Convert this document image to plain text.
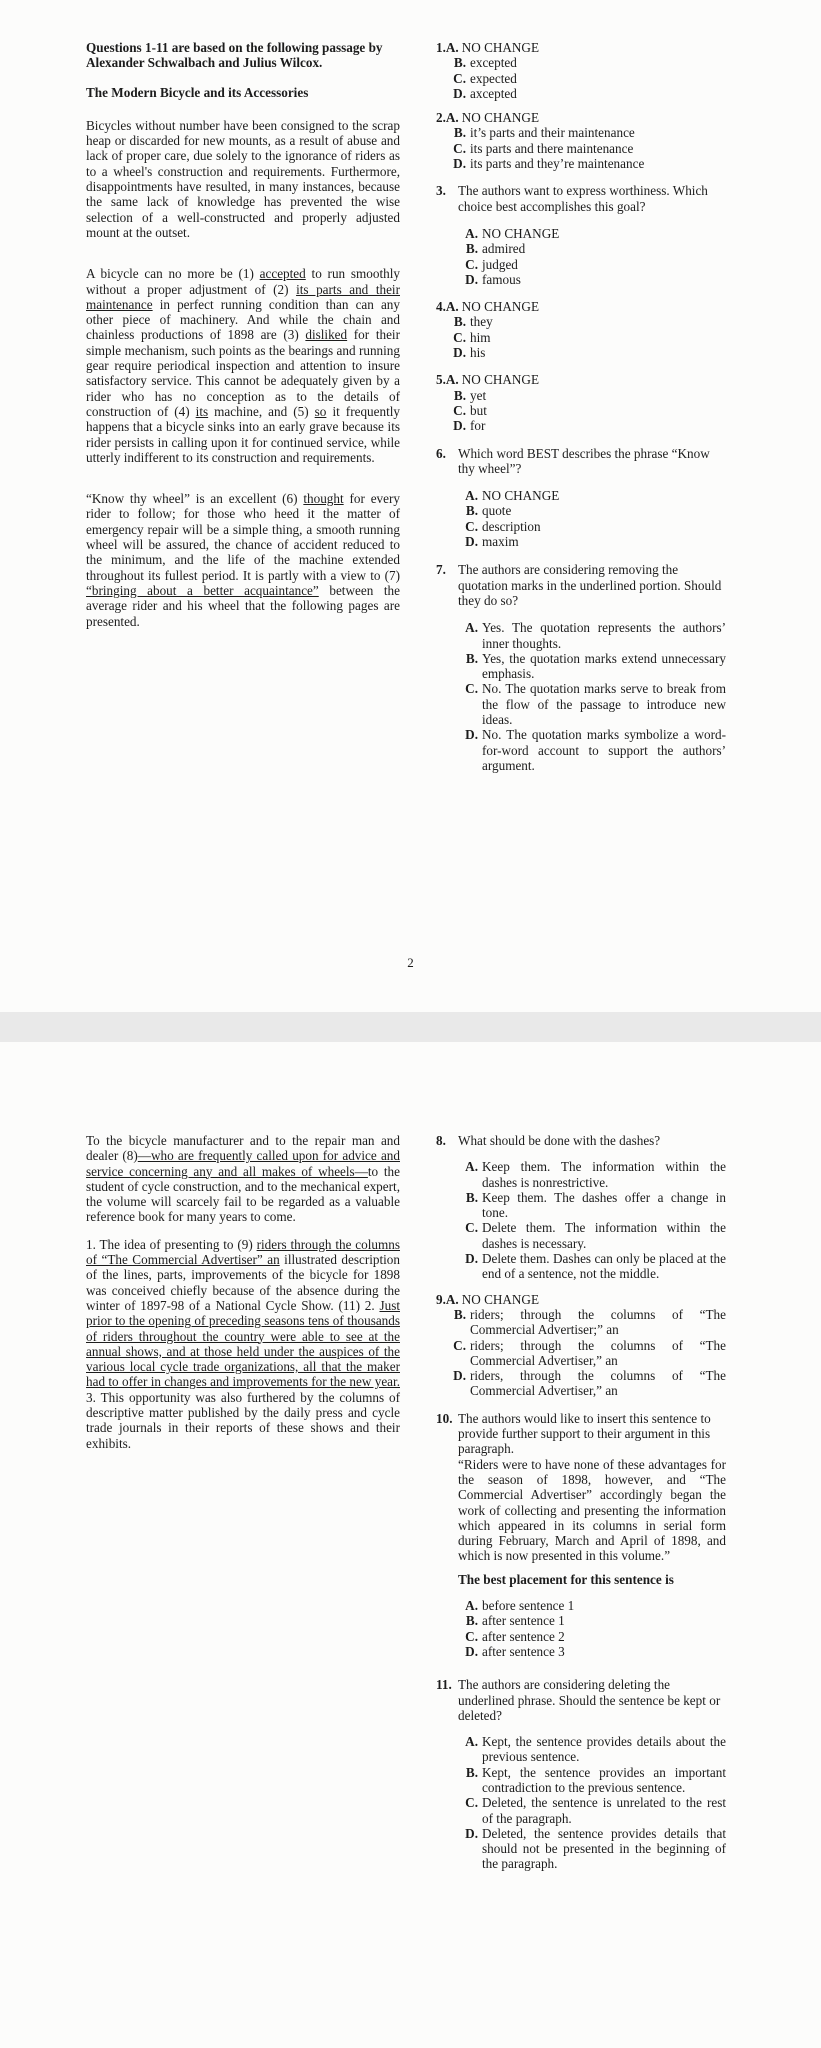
Questions 1-11 are based on the following passage by Alexander Schwalbach and Julius Wilcox.

The Modern Bicycle and its Accessories

Bicycles without number have been consigned to the scrap heap or discarded for new mounts, as a result of abuse and lack of proper care, due solely to the ignorance of riders as to a wheel's construction and requirements. Furthermore, disappointments have resulted, in many instances, because the same lack of knowledge has prevented the wise selection of a well-constructed and properly adjusted mount at the outset.

A bicycle can no more be (1) accepted to run smoothly without a proper adjustment of (2) its parts and their maintenance in perfect running condition than can any other piece of machinery. And while the chain and chainless productions of 1898 are (3) disliked for their simple mechanism, such points as the bearings and running gear require periodical inspection and attention to insure satisfactory service. This cannot be adequately given by a rider who has no conception as to the details of construction of (4) its machine, and (5) so it frequently happens that a bicycle sinks into an early grave because its rider persists in calling upon it for continued service, while utterly indifferent to its construction and requirements.

“Know thy wheel” is an excellent (6) thought for every rider to follow; for those who heed it the matter of emergency repair will be a simple thing, a smooth running wheel will be assured, the chance of accident reduced to the minimum, and the life of the machine extended throughout its fullest period. It is partly with a view to (7) “bringing about a better acquaintance” between the average rider and his wheel that the following pages are presented.

1. A. NO CHANGE
B. excepted
C. expected
D. axcepted
2. A. NO CHANGE
B. it’s parts and their maintenance
C. its parts and there maintenance
D. its parts and they’re maintenance
3. The authors want to express worthiness. Which choice best accomplishes this goal?
A. NO CHANGE
B. admired
C. judged
D. famous
4. A. NO CHANGE
B. they
C. him
D. his
5. A. NO CHANGE
B. yet
C. but
D. for
6. Which word BEST describes the phrase “Know thy wheel”?
A. NO CHANGE
B. quote
C. description
D. maxim
7. The authors are considering removing the quotation marks in the underlined portion. Should they do so?
A. Yes. The quotation represents the authors’ inner thoughts.
B. Yes, the quotation marks extend unnecessary emphasis.
C. No. The quotation marks serve to break from the flow of the passage to introduce new ideas.
D. No. The quotation marks symbolize a word-for-word account to support the authors’ argument.
2

To the bicycle manufacturer and to the repair man and dealer (8)—who are frequently called upon for advice and service concerning any and all makes of wheels—to the student of cycle construction, and to the mechanical expert, the volume will scarcely fail to be regarded as a valuable reference book for many years to come.

1. The idea of presenting to (9) riders through the columns of “The Commercial Advertiser” an illustrated description of the lines, parts, improvements of the bicycle for 1898 was conceived chiefly because of the absence during the winter of 1897-98 of a National Cycle Show. (11) 2. Just prior to the opening of preceding seasons tens of thousands of riders throughout the country were able to see at the annual shows, and at those held under the auspices of the various local cycle trade organizations, all that the maker had to offer in changes and improvements for the new year. 3. This opportunity was also furthered by the columns of descriptive matter published by the daily press and cycle trade journals in their reports of these shows and their exhibits.

8. What should be done with the dashes?
A. Keep them. The information within the dashes is nonrestrictive.
B. Keep them. The dashes offer a change in tone.
C. Delete them. The information within the dashes is necessary.
D. Delete them. Dashes can only be placed at the end of a sentence, not the middle.
9. A. NO CHANGE
B. riders; through the columns of “The Commercial Advertiser;” an
C. riders; through the columns of “The Commercial Advertiser,” an
D. riders, through the columns of “The Commercial Advertiser,” an
10. The authors would like to insert this sentence to provide further support to their argument in this paragraph.
“Riders were to have none of these advantages for the season of 1898, however, and “The Commercial Advertiser” accordingly began the work of collecting and presenting the information which appeared in its columns in serial form during February, March and April of 1898, and which is now presented in this volume.”
The best placement for this sentence is
A. before sentence 1
B. after sentence 1
C. after sentence 2
D. after sentence 3
11. The authors are considering deleting the underlined phrase. Should the sentence be kept or deleted?
A. Kept, the sentence provides details about the previous sentence.
B. Kept, the sentence provides an important contradiction to the previous sentence.
C. Deleted, the sentence is unrelated to the rest of the paragraph.
D. Deleted, the sentence provides details that should not be presented in the beginning of the paragraph.
